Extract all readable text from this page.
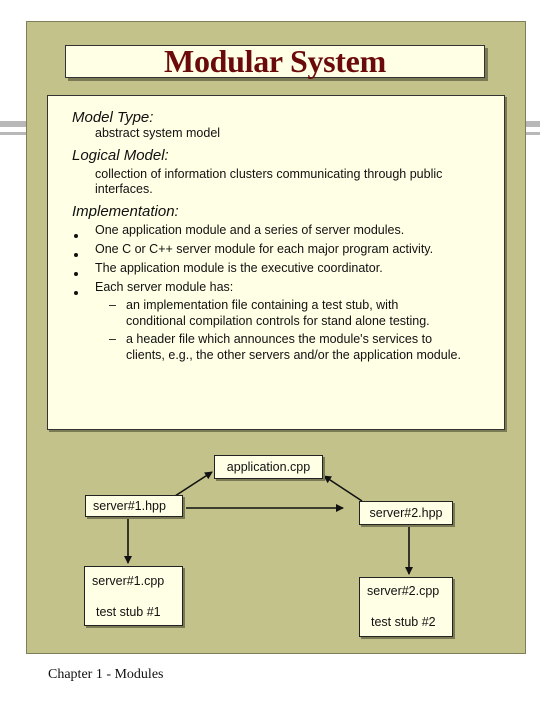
Modular System
Model Type:
abstract system model
Logical Model:
collection of information clusters communicating through public
interfaces.
Implementation:
One application module and a series of server modules.
One C or C++ server module for each major program activity.
The application module is the executive coordinator.
Each server module has:
– an implementation file containing a test stub, with
conditional compilation controls for stand alone testing.
– a header file which announces the module's services to
clients, e.g., the other servers and/or the application module.
application.cpp
server#1.hpp	server#2.hpp
server#1.cpp
test stub #1
server#2.cpp
test stub #2
Chapter 1 - Modules
